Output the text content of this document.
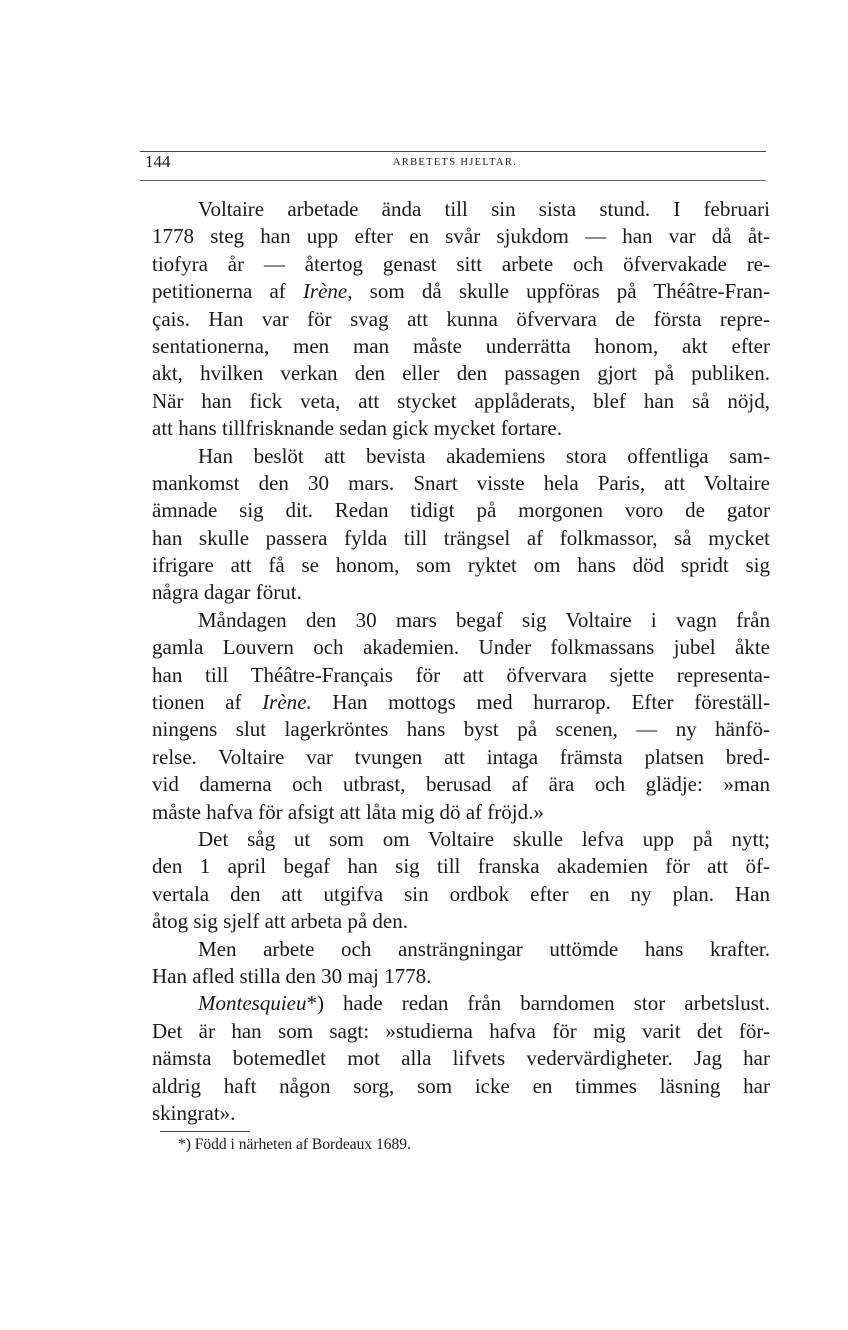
144	ARBETETS HJELTAR.
Voltaire arbetade ända till sin sista stund. I februari
1778 steg han upp efter en svår sjukdom — han var då åt-
tiofyra år — återtog genast sitt arbete och öfvervakade re-
petitionerna af Irène, som då skulle uppföras på Théâtre-Fran-
çais. Han var för svag att kunna öfvervara de första repre-
sentationerna, men man måste underrätta honom, akt efter
akt, hvilken verkan den eller den passagen gjort på publiken.
När han fick veta, att stycket applåderats, blef han så nöjd,
att hans tillfrisknande sedan gick mycket fortare.
Han beslöt att bevista akademiens stora offentliga sam-
mankomst den 30 mars. Snart visste hela Paris, att Voltaire
ämnade sig dit. Redan tidigt på morgonen voro de gator
han skulle passera fylda till trängsel af folkmassor, så mycket
ifrigare att få se honom, som ryktet om hans död spridt sig
några dagar förut.
Måndagen den 30 mars begaf sig Voltaire i vagn från
gamla Louvern och akademien. Under folkmassans jubel åkte
han till Théâtre-Français för att öfvervara sjette representa-
tionen af Irène. Han mottogs med hurrarop. Efter föreställ-
ningens slut lagerkröntes hans byst på scenen, — ny hänfö-
relse. Voltaire var tvungen att intaga främsta platsen bred-
vid damerna och utbrast, berusad af ära och glädje: »man
måste hafva för afsigt att låta mig dö af fröjd.»
Det såg ut som om Voltaire skulle lefva upp på nytt;
den 1 april begaf han sig till franska akademien för att öf-
vertala den att utgifva sin ordbok efter en ny plan. Han
åtog sig sjelf att arbeta på den.
Men arbete och ansträngningar uttömde hans krafter.
Han afled stilla den 30 maj 1778.
Montesquieu*) hade redan från barndomen stor arbetslust.
Det är han som sagt: »studierna hafva för mig varit det för-
nämsta botemedlet mot alla lifvets vedervärdigheter. Jag har
aldrig haft någon sorg, som icke en timmes läsning har
skingrat».
*) Född i närheten af Bordeaux 1689.
